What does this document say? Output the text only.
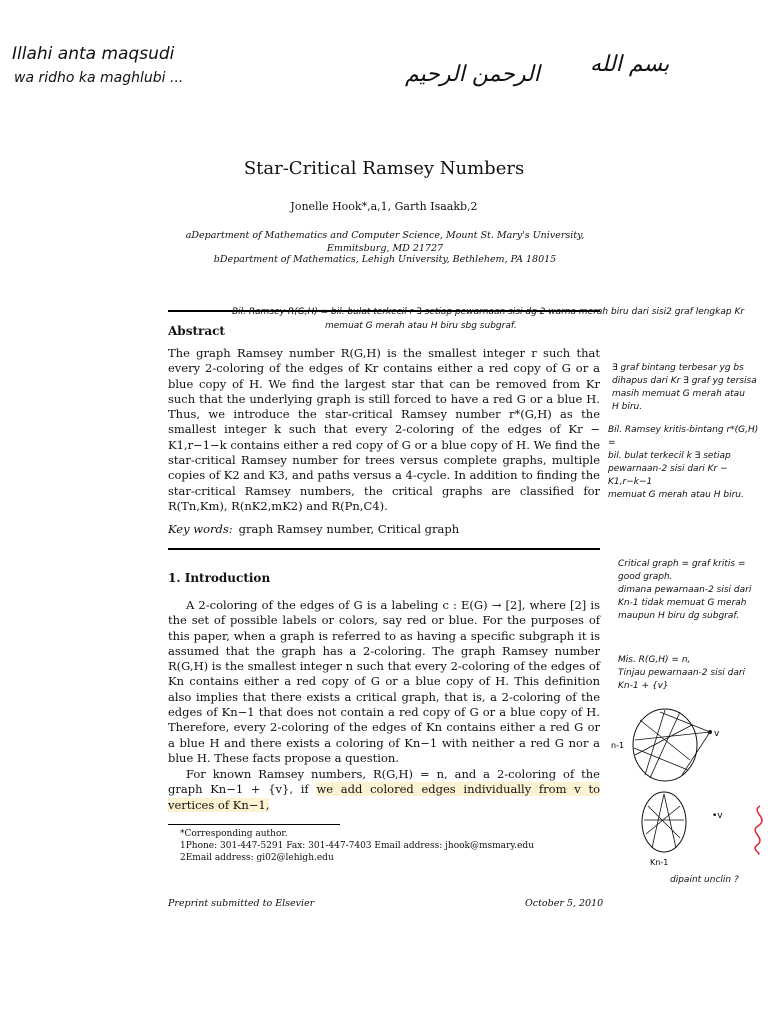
Illahi anta maqsudi
wa ridho ka maghlubi ...	الرحمن الرحيم بسم الله
Star-Critical Ramsey Numbers
Jonelle Hook*,a,1, Garth Isaakb,2
aDepartment of Mathematics and Computer Science, Mount St. Mary's University, Emmitsburg, MD 21727
bDepartment of Mathematics, Lehigh University, Bethlehem, PA 18015
Bil. Ramsey R(G,H) = bil. bulat terkecil r ∃ setiap pewarnaan sisi dg 2 warna merah biru dari sisi2 graf lengkap Kr
memuat G merah atau H biru sbg subgraf.
Abstract
The graph Ramsey number R(G,H) is the smallest integer r such that every 2-coloring of the edges of Kr contains either a red copy of G or a blue copy of H. We find the largest star that can be removed from Kr such that the underlying graph is still forced to have a red G or a blue H. Thus, we introduce the star-critical Ramsey number r*(G,H) as the smallest integer k such that every 2-coloring of the edges of Kr − K1,r−1−k contains either a red copy of G or a blue copy of H. We find the star-critical Ramsey number for trees versus complete graphs, multiple copies of K2 and K3, and paths versus a 4-cycle. In addition to finding the star-critical Ramsey numbers, the critical graphs are classified for R(Tn,Km), R(nK2,mK2) and R(Pn,C4).
Key words: graph Ramsey number, Critical graph
∃ graf bintang terbesar yg bs
dihapus dari Kr ∃ graf yg tersisa
masih memuat G merah atau
H biru.
Bil. Ramsey kritis-bintang r*(G,H) =
bil. bulat terkecil k ∃ setiap
pewarnaan-2 sisi dari Kr − K1,r−k−1
memuat G merah atau H biru.
Critical graph = graf kritis =
good graph.
dimana pewarnaan-2 sisi dari
Kn-1 tidak memuat G merah
maupun H biru dg subgraf.
Mis. R(G,H) = n,
Tinjau pewarnaan-2 sisi dari
Kn-1 + {v}
n-1
v
•v
Kn-1
dipaint unclin ?
1. Introduction
A 2-coloring of the edges of G is a labeling c : E(G) → [2], where [2] is the set of possible labels or colors, say red or blue. For the purposes of this paper, when a graph is referred to as having a specific subgraph it is assumed that the graph has a 2-coloring. The graph Ramsey number R(G,H) is the smallest integer n such that every 2-coloring of the edges of Kn contains either a red copy of G or a blue copy of H. This definition also implies that there exists a critical graph, that is, a 2-coloring of the edges of Kn−1 that does not contain a red copy of G or a blue copy of H. Therefore, every 2-coloring of the edges of Kn contains either a red G or a blue H and there exists a coloring of Kn−1 with neither a red G nor a blue H. These facts propose a question.
For known Ramsey numbers, R(G,H) = n, and a 2-coloring of the graph Kn−1 + {v}, if we add colored edges individually from v to vertices of Kn−1,
*Corresponding author.
1Phone: 301-447-5291 Fax: 301-447-7403 Email address: jhook@msmary.edu
2Email address: gi02@lehigh.edu
Preprint submitted to Elsevier	October 5, 2010
